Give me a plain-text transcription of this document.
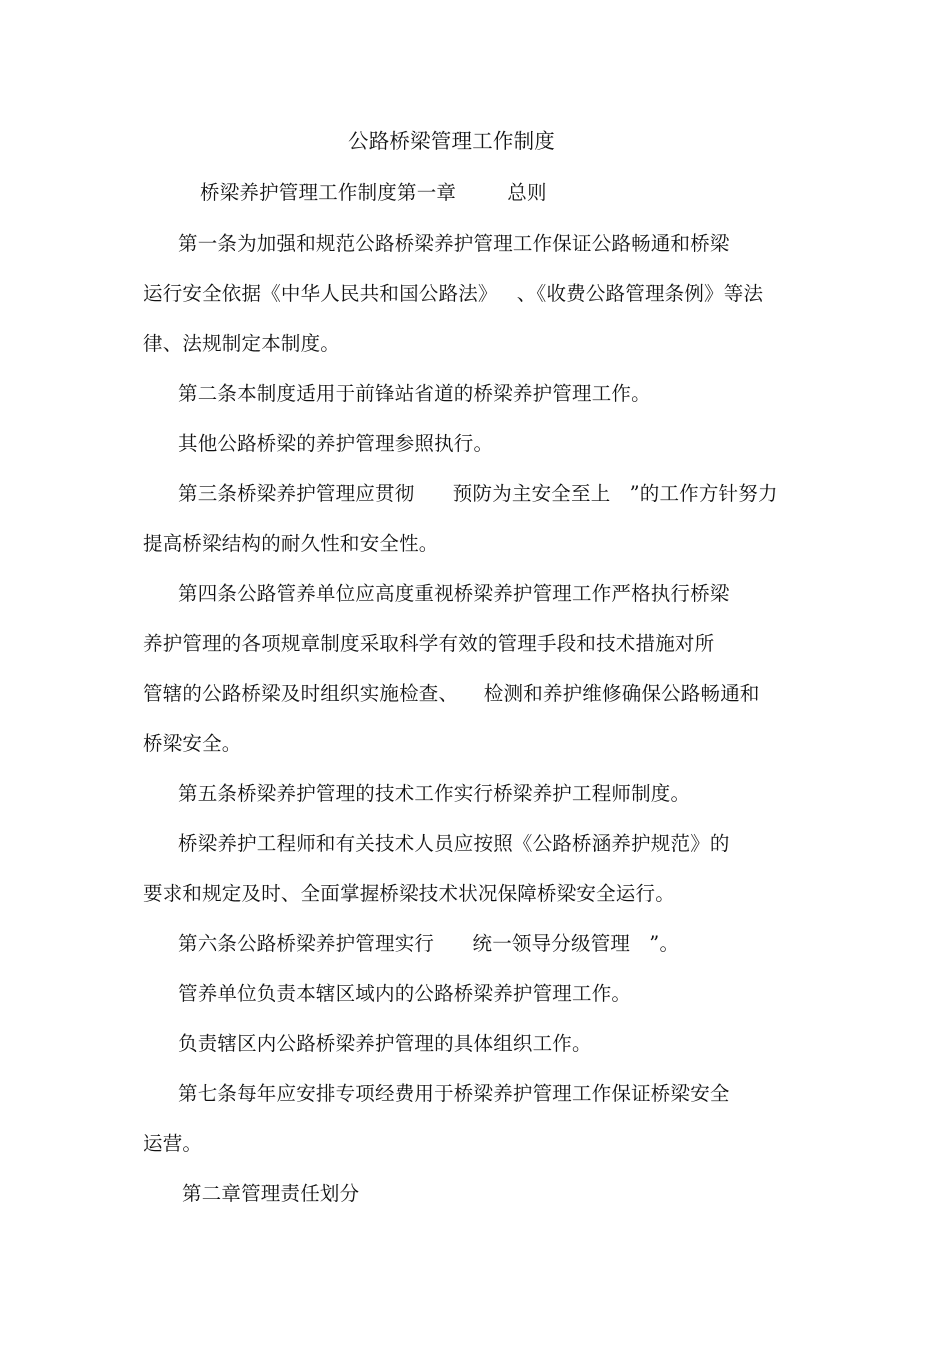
公路桥梁管理工作制度
桥梁养护管理工作制度第一章        总则
第一条为加强和规范公路桥梁养护管理工作保证公路畅通和桥梁
运行安全依据《中华人民共和国公路法》   、《收费公路管理条例》等法
律、法规制定本制度。
第二条本制度适用于前锋站省道的桥梁养护管理工作。
其他公路桥梁的养护管理参照执行。
第三条桥梁养护管理应贯彻      预防为主安全至上   ”的工作方针努力
提高桥梁结构的耐久性和安全性。
第四条公路管养单位应高度重视桥梁养护管理工作严格执行桥梁
养护管理的各项规章制度采取科学有效的管理手段和技术措施对所
管辖的公路桥梁及时组织实施检查、    检测和养护维修确保公路畅通和
桥梁安全。
第五条桥梁养护管理的技术工作实行桥梁养护工程师制度。
桥梁养护工程师和有关技术人员应按照《公路桥涵养护规范》的
要求和规定及时、全面掌握桥梁技术状况保障桥梁安全运行。
第六条公路桥梁养护管理实行      统一领导分级管理   ”。
管养单位负责本辖区域内的公路桥梁养护管理工作。
负责辖区内公路桥梁养护管理的具体组织工作。
第七条每年应安排专项经费用于桥梁养护管理工作保证桥梁安全
运营。
第二章管理责任划分
